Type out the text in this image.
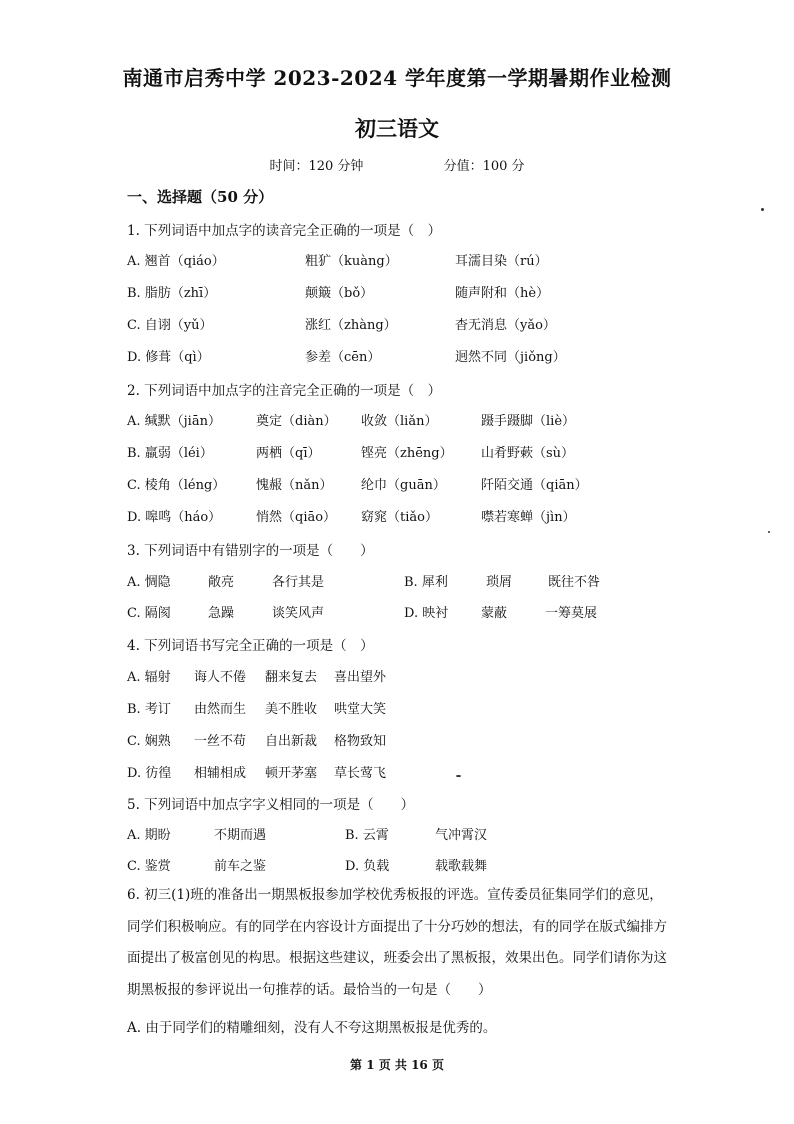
南通市启秀中学 2023-2024 学年度第一学期暑期作业检测
初三语文
时间：120 分钟	分值：100 分
一、选择题（50 分）
1. 下列词语中加点字的读音完全正确的一项是（　）
A. 翘首（qiáo）	粗犷（kuàng）	耳濡目染（rú）
B. 脂肪（zhī）	颠簸（bǒ）	随声附和（hè）
C. 自诩（yǔ）	涨红（zhàng）	杳无消息（yǎo）
D. 修葺（qì）	参差（cēn）	迥然不同（jiǒng）
2. 下列词语中加点字的注音完全正确的一项是（　）
A. 缄默（jiān）	奠定（diàn） 收敛（liǎn）	蹑手蹑脚（liè）
B. 羸弱（léi）	两栖（qī）	铿亮（zhēng） 山肴野蔌（sù）
C. 棱角（léng） 愧赧（nǎn） 纶巾（guān）	阡陌交通（qiān）
D. 嗥鸣（háo）	悄然（qiāo） 窈窕（tiǎo）	噤若寒蝉（jìn）
3. 下列词语中有错别字的一项是（　　）
A. 惆隐	敞亮	各行其是	B. 犀利	琐屑	既往不咎
C. 隔阂	急躁	谈笑风声	D. 映衬	蒙蔽	一筹莫展
4. 下列词语书写完全正确的一项是（　）
A. 辐射 诲人不倦 翻来复去 喜出望外
B. 考订 由然而生 美不胜收 哄堂大笑
C. 娴熟 一丝不苟 自出新裁 格物致知
D. 彷徨 相辅相成 顿开茅塞 草长莺飞
5. 下列词语中加点字字义相同的一项是（　　）
A. 期盼	不期而遇	B. 云霄	气冲霄汉
C. 鉴赏	前车之鉴	D. 负载	载歌载舞
6. 初三(1)班的准备出一期黑板报参加学校优秀板报的评选。宣传委员征集同学们的意见，
同学们积极响应。有的同学在内容设计方面提出了十分巧妙的想法，有的同学在版式编排方
面提出了极富创见的构思。根据这些建议，班委会出了黑板报，效果出色。同学们请你为这
期黑板报的参评说出一句推荐的话。最恰当的一句是（　　）
A. 由于同学们的精雕细刻，没有人不夸这期黑板报是优秀的。
第 1 页 共 16 页
